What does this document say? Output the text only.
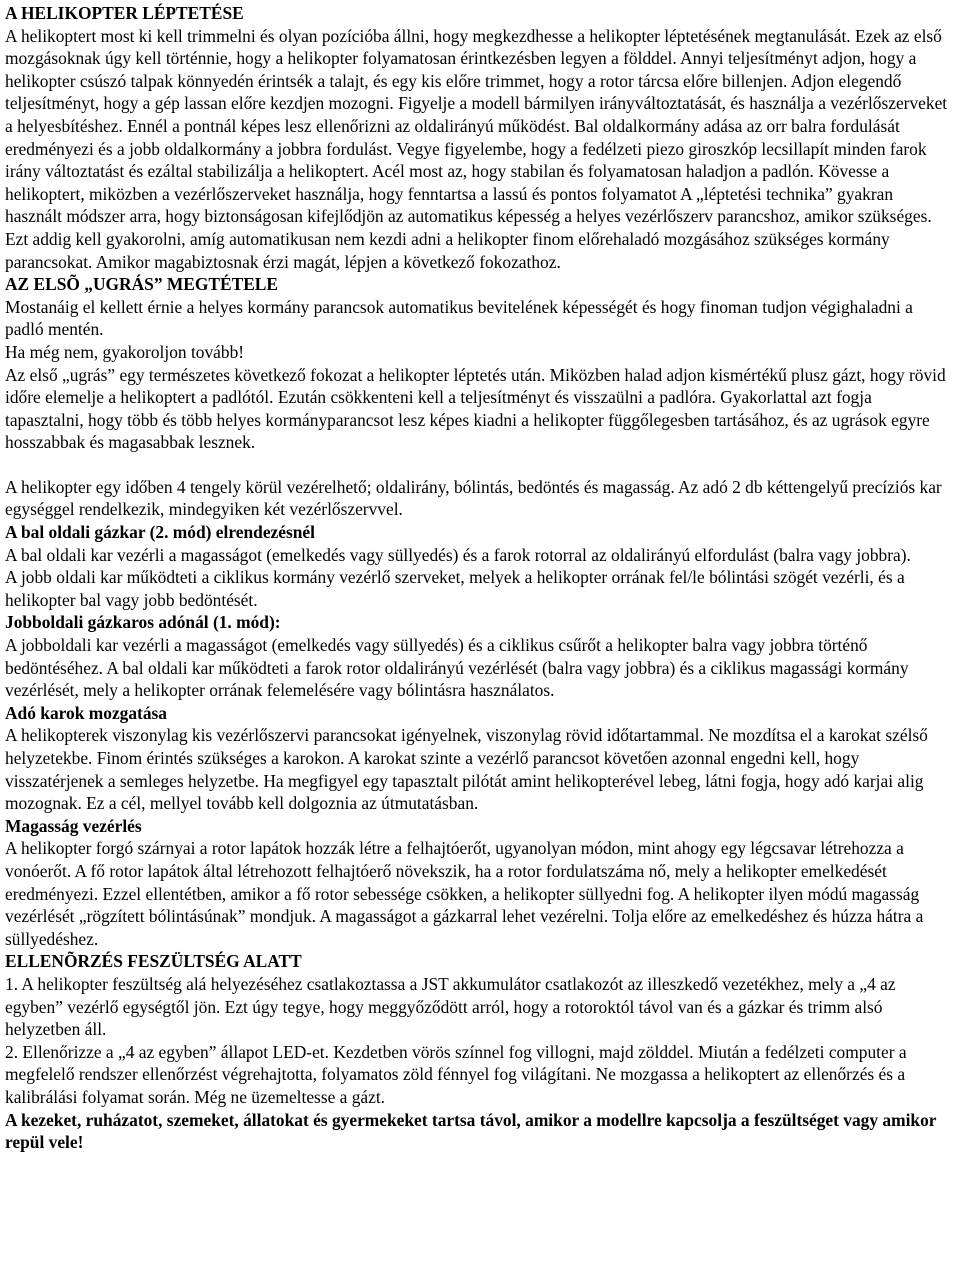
A HELIKOPTER LÉPTETÉSE

A helikoptert most ki kell trimmelni és olyan pozícióba állni, hogy megkezdhesse a helikopter léptetésének megtanulását. Ezek az első mozgásoknak úgy kell történnie, hogy a helikopter folyamatosan érintkezésben legyen a földdel. Annyi teljesítményt adjon, hogy a helikopter csúszó talpak könnyedén érintsék a talajt, és egy kis előre trimmet, hogy a rotor tárcsa előre billenjen. Adjon elegendő teljesítményt, hogy a gép lassan előre kezdjen mozogni. Figyelje a modell bármilyen irányváltoztatását, és használja a vezérlőszerveket a helyesbítéshez. Ennél a pontnál képes lesz ellenőrizni az oldalirányú működést. Bal oldalkormány adása az orr balra fordulását eredményezi és a jobb oldalkormány a jobbra fordulást. Vegye figyelembe, hogy a fedélzeti piezo giroszkóp lecsillapít minden farok irány változtatást és ezáltal stabilizálja a helikoptert. Acél most az, hogy stabilan és folyamatosan haladjon a padlón. Kövesse a helikoptert, miközben a vezérlőszerveket használja, hogy fenntartsa a lassú és pontos folyamatot A „léptetési technika” gyakran használt módszer arra, hogy biztonságosan kifejlődjön az automatikus képesség a helyes vezérlőszerv parancshoz, amikor szükséges. Ezt addig kell gyakorolni, amíg automatikusan nem kezdi adni a helikopter finom előrehaladó mozgásához szükséges kormány parancsokat. Amikor magabiztosnak érzi magát, lépjen a következő fokozathoz.

AZ ELSÕ „UGRÁS” MEGTÉTELE

Mostanáig el kellett érnie a helyes kormány parancsok automatikus bevitelének képességét és hogy finoman tudjon végighaladni a padló mentén.

Ha még nem, gyakoroljon tovább!

Az első „ugrás” egy természetes következő fokozat a helikopter léptetés után. Miközben halad adjon kismértékű plusz gázt, hogy rövid időre elemelje a helikoptert a padlótól. Ezután csökkenteni kell a teljesítményt és visszaülni a padlóra. Gyakorlattal azt fogja tapasztalni, hogy több és több helyes kormányparancsot lesz képes kiadni a helikopter függőlegesben tartásához, és az ugrások egyre hosszabbak és magasabbak lesznek.

A helikopter egy időben 4 tengely körül vezérelhető; oldalirány, bólintás, bedöntés és magasság. Az adó 2 db kéttengelyű precíziós kar egységgel rendelkezik, mindegyiken két vezérlőszervvel.

A bal oldali gázkar (2. mód) elrendezésnél

A bal oldali kar vezérli a magasságot (emelkedés vagy süllyedés) és a farok rotorral az oldalirányú elfordulást (balra vagy jobbra).

A jobb oldali kar működteti a ciklikus kormány vezérlő szerveket, melyek a helikopter orrának fel/le bólintási szögét vezérli, és a helikopter bal vagy jobb bedöntését.

Jobboldali gázkaros adónál (1. mód):

A jobboldali kar vezérli a magasságot (emelkedés vagy süllyedés) és a ciklikus csűrőt a helikopter balra vagy jobbra történő bedöntéséhez. A bal oldali kar működteti a farok rotor oldalirányú vezérlését (balra vagy jobbra) és a ciklikus magassági kormány vezérlését, mely a helikopter orrának felemelésére vagy bólintásra használatos.

Adó karok mozgatása

A helikopterek viszonylag kis vezérlőszervi parancsokat igényelnek, viszonylag rövid időtartammal. Ne mozdítsa el a karokat szélső helyzetekbe. Finom érintés szükséges a karokon. A karokat szinte a vezérlő parancsot követően azonnal engedni kell, hogy visszatérjenek a semleges helyzetbe. Ha megfigyel egy tapasztalt pilótát amint helikopterével lebeg, látni fogja, hogy adó karjai alig mozognak. Ez a cél, mellyel tovább kell dolgoznia az útmutatásban.

Magasság vezérlés

A helikopter forgó szárnyai a rotor lapátok hozzák létre a felhajtóerőt, ugyanolyan módon, mint ahogy egy légcsavar létrehozza a vonóerőt. A fő rotor lapátok által létrehozott felhajtóerő növekszik, ha a rotor fordulatszáma nő, mely a helikopter emelkedését eredményezi. Ezzel ellentétben, amikor a fő rotor sebessége csökken, a helikopter süllyedni fog. A helikopter ilyen módú magasság vezérlését „rögzített bólintásúnak” mondjuk. A magasságot a gázkarral lehet vezérelni. Tolja előre az emelkedéshez és húzza hátra a süllyedéshez.

ELLENÕRZÉS FESZÜLTSÉG ALATT

1. A helikopter feszültség alá helyezéséhez csatlakoztassa a JST akkumulátor csatlakozót az illeszkedő vezetékhez, mely a „4 az egyben” vezérlő egységtől jön. Ezt úgy tegye, hogy meggyőződött arról, hogy a rotoroktól távol van és a gázkar és trimm alsó helyzetben áll.

2. Ellenőrizze a „4 az egyben” állapot LED-et. Kezdetben vörös színnel fog villogni, majd zölddel. Miután a fedélzeti computer a megfelelő rendszer ellenőrzést végrehajtotta, folyamatos zöld fénnyel fog világítani. Ne mozgassa a helikoptert az ellenőrzés és a kalibrálási folyamat során. Még ne üzemeltesse a gázt.

A kezeket, ruházatot, szemeket, állatokat és gyermekeket tartsa távol, amikor a modellre kapcsolja a feszültséget vagy amikor repül vele!
